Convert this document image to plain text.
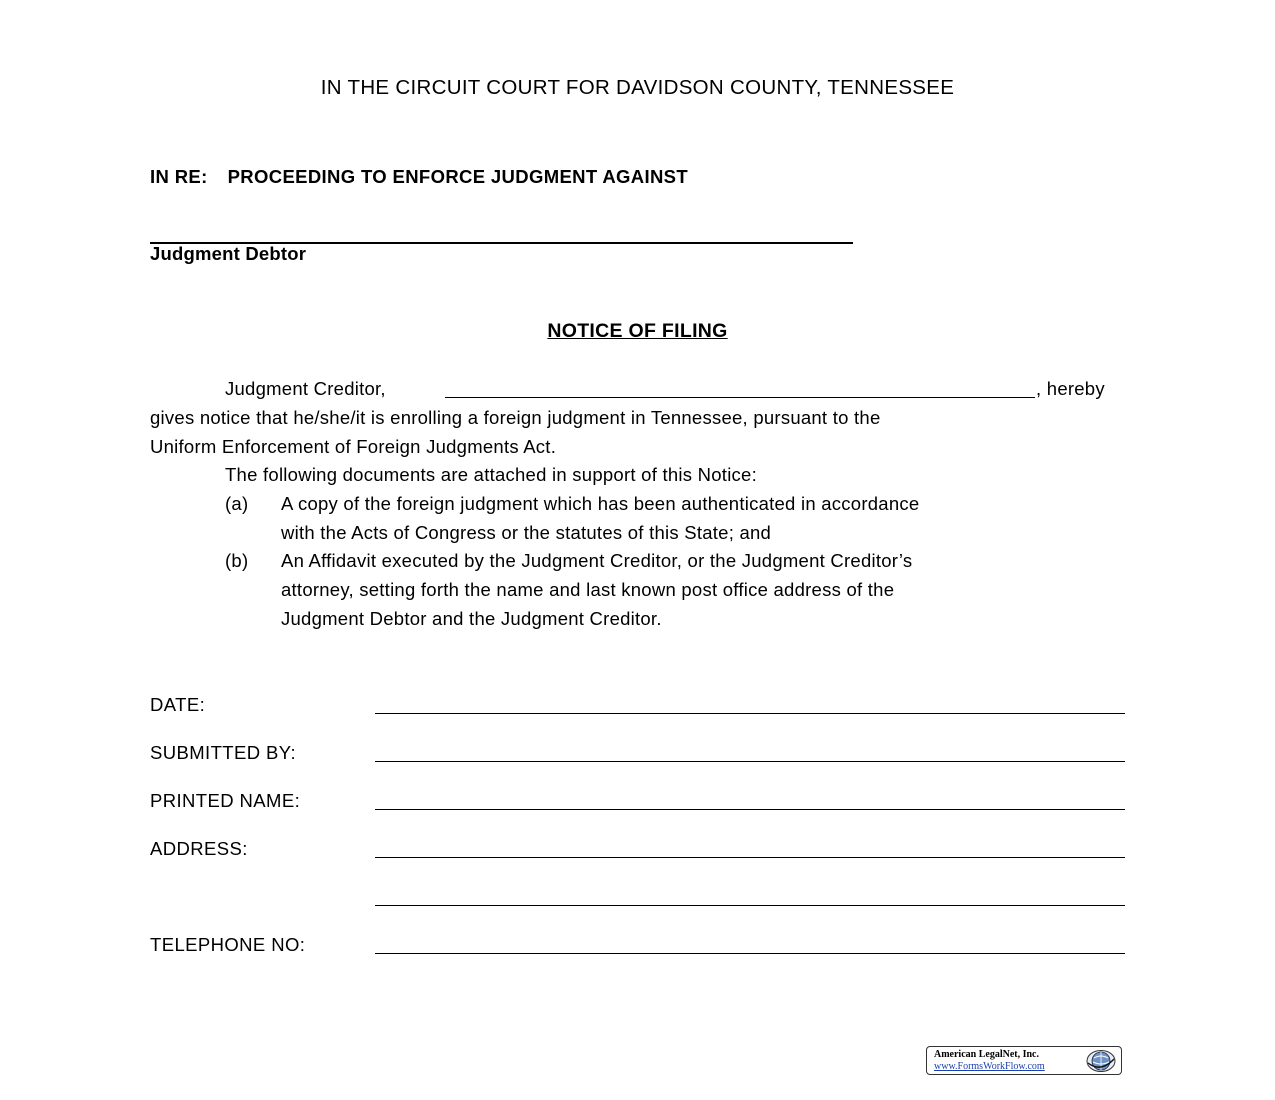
IN THE CIRCUIT COURT FOR DAVIDSON COUNTY, TENNESSEE
IN RE: PROCEEDING TO ENFORCE JUDGMENT AGAINST
Judgment Debtor
NOTICE OF FILING
Judgment Creditor,	, hereby
gives notice that he/she/it is enrolling a foreign judgment in Tennessee, pursuant to the
Uniform Enforcement of Foreign Judgments Act.
The following documents are attached in support of this Notice:
(a) A copy of the foreign judgment which has been authenticated in accordance
with the Acts of Congress or the statutes of this State; and
(b) An Affidavit executed by the Judgment Creditor, or the Judgment Creditor’s
attorney, setting forth the name and last known post office address of the
Judgment Debtor and the Judgment Creditor.
DATE:
SUBMITTED BY:
PRINTED NAME:
ADDRESS:
TELEPHONE NO:
American LegalNet, Inc.
www.FormsWorkFlow.com
